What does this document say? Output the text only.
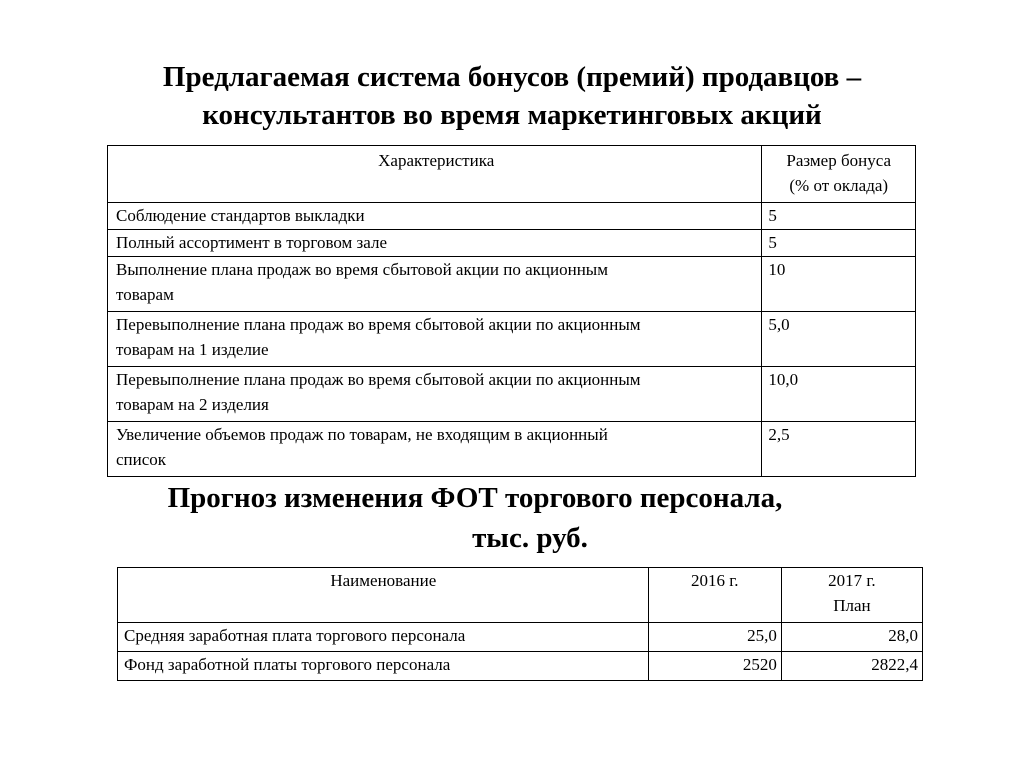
Предлагаемая система бонусов (премий) продавцов –
консультантов во время маркетинговых акций
Характеристика	Размер бонуса
(% от оклада)

Соблюдение стандартов выкладки	5
Полный ассортимент в торговом зале	5

Выполнение плана продаж во время сбытовой акции по акционным
товарам	10

Перевыполнение плана продаж во время сбытовой акции по акционным
товарам на 1 изделие	5,0

Перевыполнение плана продаж во время сбытовой акции по акционным
товарам на 2 изделия	10,0

Увеличение объемов продаж по товарам, не входящим в акционный
список	2,5
Прогноз изменения ФОТ торгового персонала,
тыс. руб.
Наименование	2016 г.	2017 г.
План

Средняя заработная плата торгового персонала	25,0	28,0
Фонд заработной платы торгового персонала	2520	2822,4
